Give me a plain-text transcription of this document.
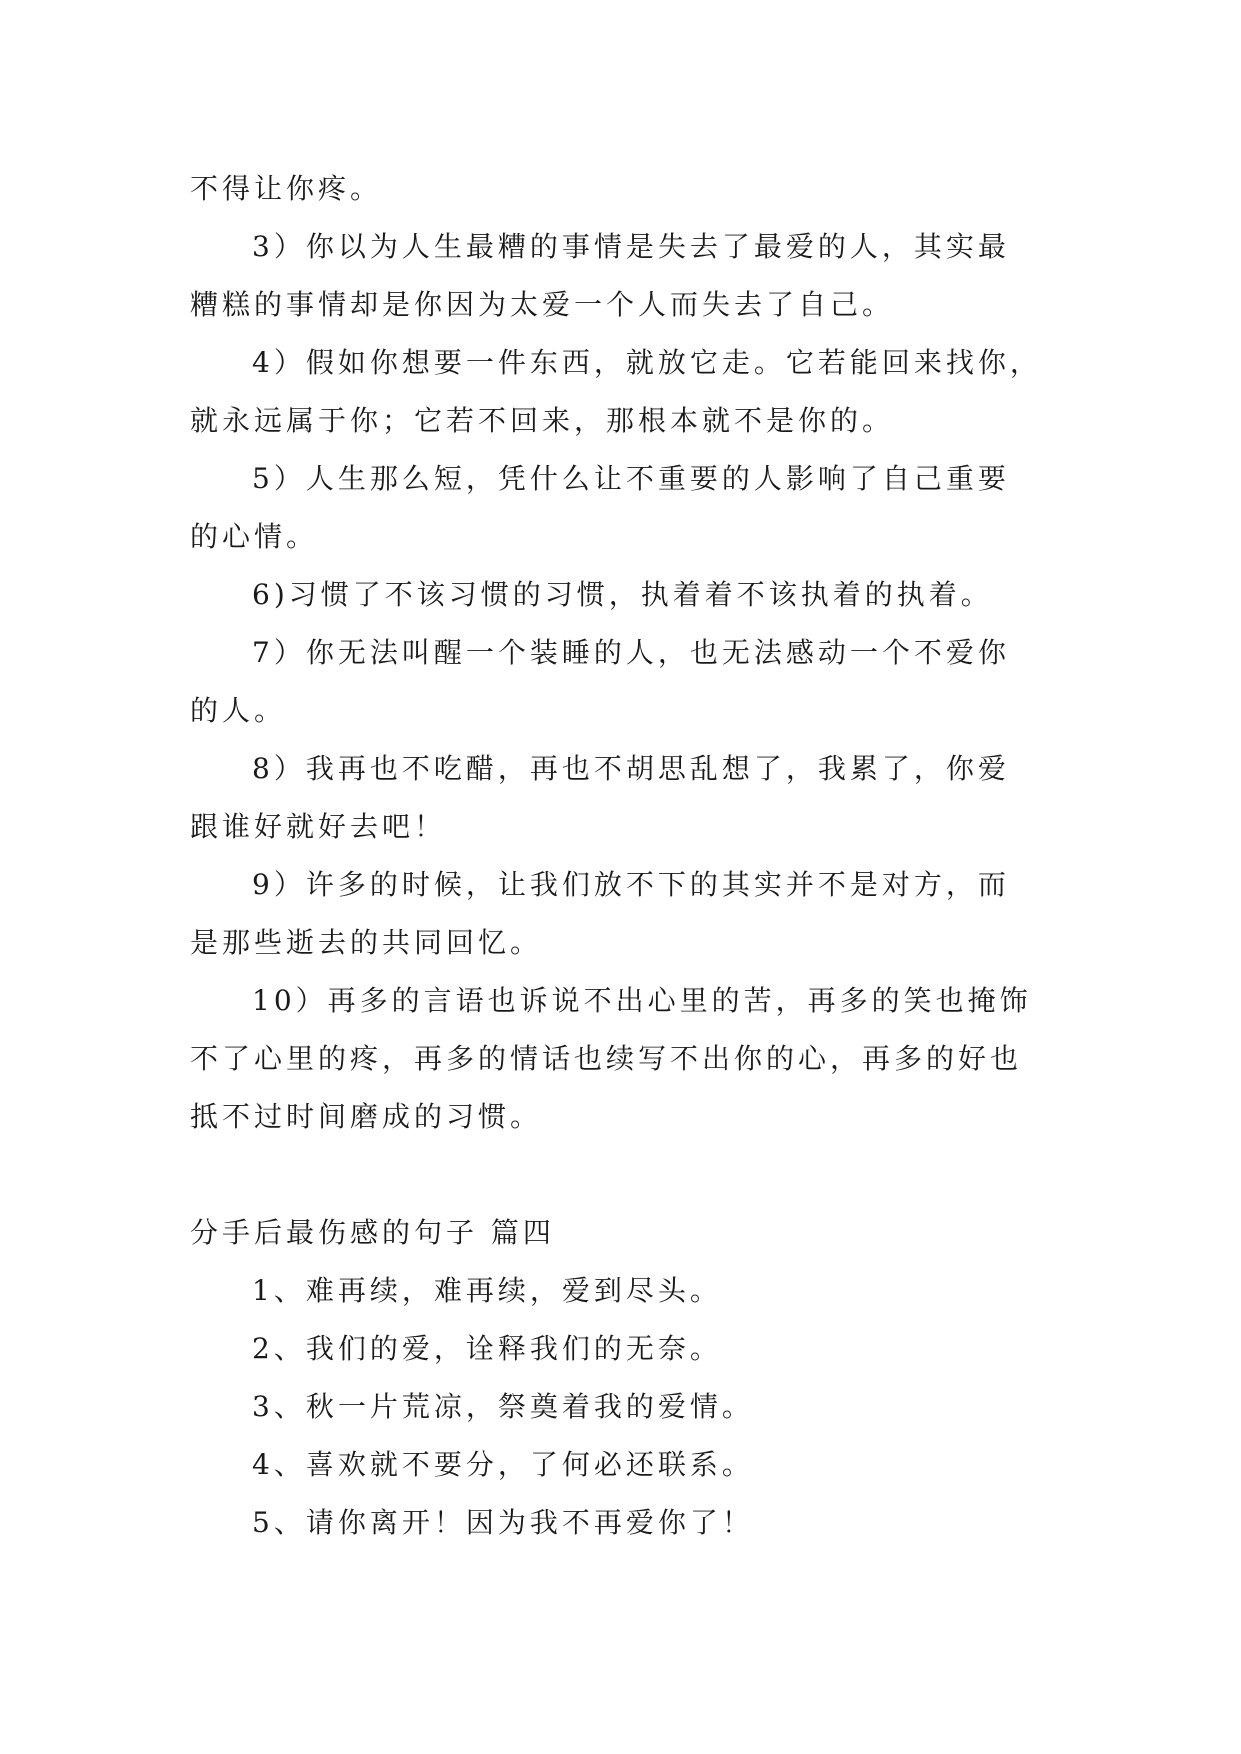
不得让你疼。

3）你以为人生最糟的事情是失去了最爱的人，其实最

糟糕的事情却是你因为太爱一个人而失去了自己。

4）假如你想要一件东西，就放它走。它若能回来找你，

就永远属于你；它若不回来，那根本就不是你的。

5）人生那么短，凭什么让不重要的人影响了自己重要

的心情。

6)习惯了不该习惯的习惯，执着着不该执着的执着。

7）你无法叫醒一个装睡的人，也无法感动一个不爱你

的人。

8）我再也不吃醋，再也不胡思乱想了，我累了，你爱

跟谁好就好去吧！

9）许多的时候，让我们放不下的其实并不是对方，而

是那些逝去的共同回忆。

10）再多的言语也诉说不出心里的苦，再多的笑也掩饰

不了心里的疼，再多的情话也续写不出你的心，再多的好也

抵不过时间磨成的习惯。

分手后最伤感的句子 篇四

1、难再续，难再续，爱到尽头。

2、我们的爱，诠释我们的无奈。

3、秋一片荒凉，祭奠着我的爱情。

4、喜欢就不要分，了何必还联系。

5、请你离开！因为我不再爱你了！
